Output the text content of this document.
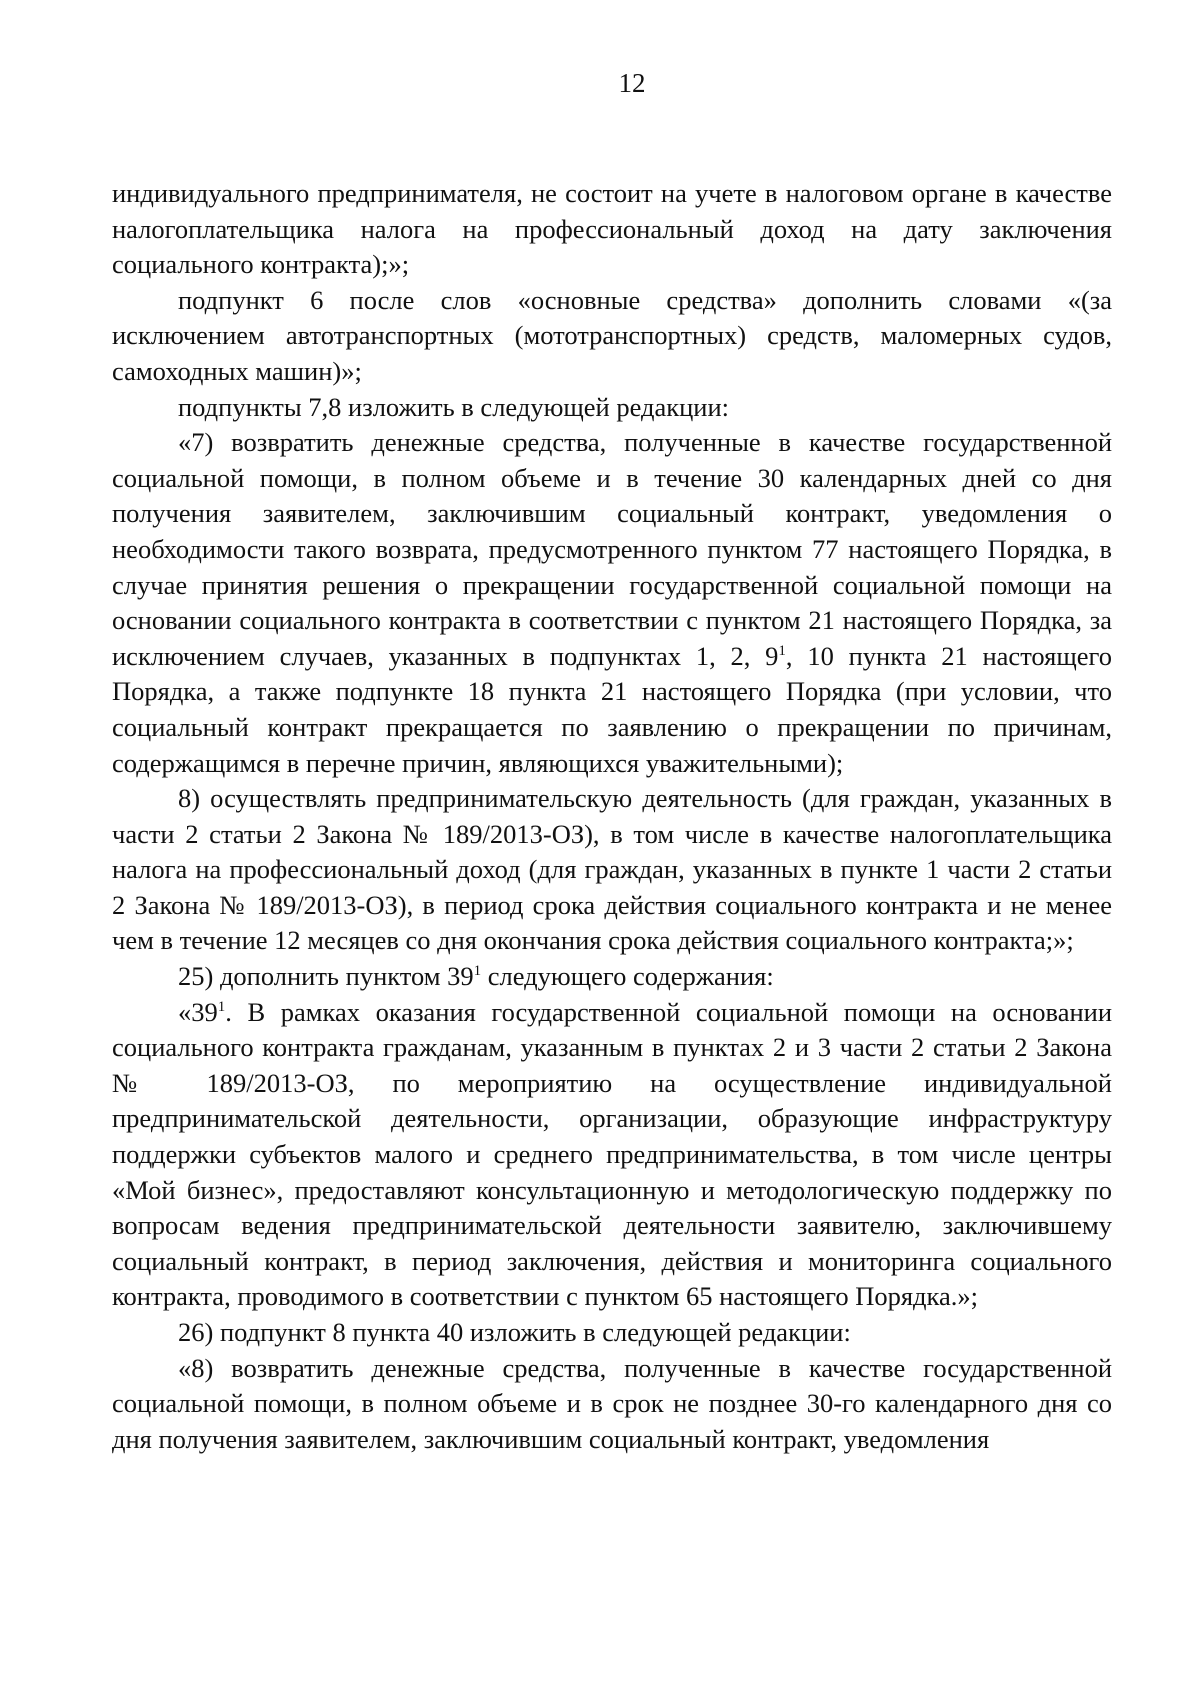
12

индивидуального предпринимателя, не состоит на учете в налоговом органе в качестве налогоплательщика налога на профессиональный доход на дату заключения социального контракта);»;

подпункт 6 после слов «основные средства» дополнить словами «(за исключением автотранспортных (мототранспортных) средств, маломерных судов, самоходных машин)»;

подпункты 7,8 изложить в следующей редакции:

«7) возвратить денежные средства, полученные в качестве государственной социальной помощи, в полном объеме и в течение 30 календарных дней со дня получения заявителем, заключившим социальный контракт, уведомления о необходимости такого возврата, предусмотренного пунктом 77 настоящего Порядка, в случае принятия решения о прекращении государственной социальной помощи на основании социального контракта в соответствии с пунктом 21 настоящего Порядка, за исключением случаев, указанных в подпунктах 1, 2, $9^1$, 10 пункта 21 настоящего Порядка, а также подпункте 18 пункта 21 настоящего Порядка (при условии, что социальный контракт прекращается по заявлению о прекращении по причинам, содержащимся в перечне причин, являющихся уважительными);

8) осуществлять предпринимательскую деятельность (для граждан, указанных в части 2 статьи 2 Закона № 189/2013-ОЗ), в том числе в качестве налогоплательщика налога на профессиональный доход (для граждан, указанных в пункте 1 части 2 статьи 2 Закона № 189/2013-ОЗ), в период срока действия социального контракта и не менее чем в течение 12 месяцев со дня окончания срока действия социального контракта;»;

25) дополнить пунктом $39^1$ следующего содержания:

«$39^1$. В рамках оказания государственной социальной помощи на основании социального контракта гражданам, указанным в пунктах 2 и 3 части 2 статьи 2 Закона № 189/2013-ОЗ, по мероприятию на осуществление индивидуальной предпринимательской деятельности, организации, образующие инфраструктуру поддержки субъектов малого и среднего предпринимательства, в том числе центры «Мой бизнес», предоставляют консультационную и методологическую поддержку по вопросам ведения предпринимательской деятельности заявителю, заключившему социальный контракт, в период заключения, действия и мониторинга социального контракта, проводимого в соответствии с пунктом 65 настоящего Порядка.»;

26) подпункт 8 пункта 40 изложить в следующей редакции:

«8) возвратить денежные средства, полученные в качестве государственной социальной помощи, в полном объеме и в срок не позднее 30-го календарного дня со дня получения заявителем, заключившим социальный контракт, уведомления
